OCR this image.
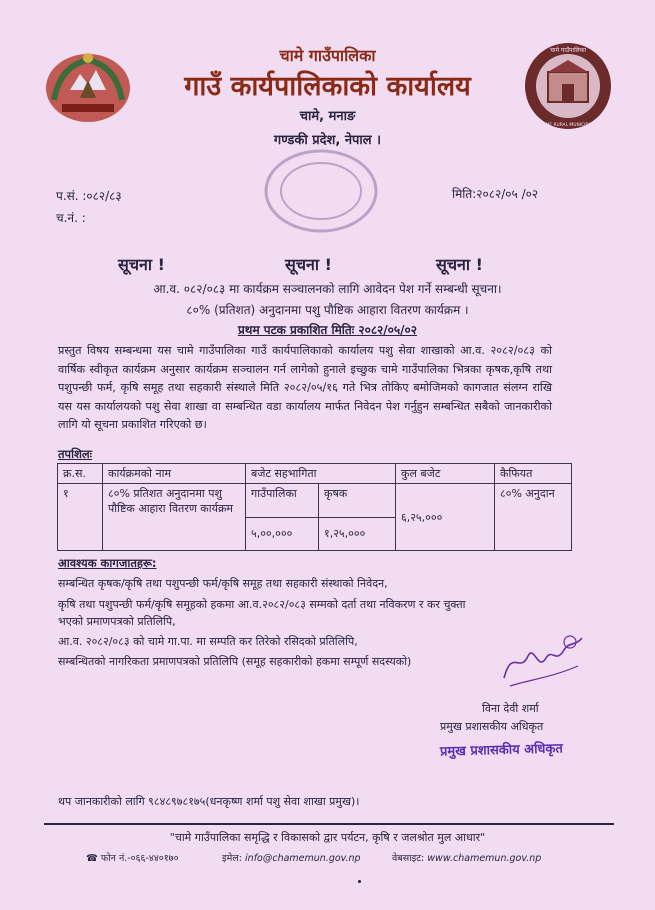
चामे गाउँपालिका
गाउँ कार्यपालिकाको कार्यालय
चामे, मनाङ
गण्डकी प्रदेश, नेपाल ।
चामे गाउँपालिका
CHAME RURAL MUNICIPALITY
प.सं. :०८२/८३
च.नं. :
मिति:२०८२/०५ /०२
सूचना !	सूचना !	सूचना !
आ.व. ०८२/०८३ मा कार्यक्रम सञ्चालनको लागि आवेदन पेश गर्ने सम्बन्धी सूचना।
८०% (प्रतिशत) अनुदानमा पशु पौष्टिक आहारा वितरण कार्यक्रम ।
प्रथम पटक प्रकाशित मितिः २०८२/०५/०२
प्रस्तुत विषय सम्बन्धमा यस चामे गाउँपालिका गाउँ कार्यपालिकाको कार्यालय पशु सेवा शाखाको आ.व. २०८२/०८३ को वार्षिक स्वीकृत कार्यक्रम अनुसार कार्यक्रम सञ्चालन गर्न लागेको हुनाले इच्छुक चामे गाउँपालिका भित्रका कृषक,कृषि तथा पशुपन्छी फर्म, कृषि समूह तथा सहकारी संस्थाले मिति २०८२/०५/१६ गते भित्र तोकिए बमोजिमको कागजात संलग्न राखि यस यस कार्यालयको पशु सेवा शाखा वा सम्बन्धित वडा कार्यालय मार्फत निवेदन पेश गर्नुहुन सम्बन्धित सबैको जानकारीको लागि यो सूचना प्रकाशित गरिएको छ।
तपशिलः
क्र.स.	कार्यक्रमको नाम	बजेट सहभागिता		कुल बजेट	कैफियत
१	८०% प्रतिशत अनुदानमा पशु पौष्टिक आहारा वितरण कार्यक्रम	गाउँपालिका	कृषक	६,२५,०००	८०% अनुदान
		५,००,०००	१,२५,०००		
आवश्यक कागजातहरू:
सम्बन्धित कृषक/कृषि तथा पशुपन्छी फर्म/कृषि समूह तथा सहकारी संस्थाको निवेदन,
कृषि तथा पशुपन्छी फर्म/कृषि समूहको हकमा आ.व.२०८२/०८३ सम्मको दर्ता तथा नविकरण र कर चुक्ता
भएको प्रमाणपत्रको प्रतिलिपि,
आ.व. २०८२/०८३ को चामे गा.पा. मा सम्पति कर तिरेको रसिदको प्रतिलिपि,
सम्बन्धितको नागरिकता प्रमाणपत्रको प्रतिलिपि (समूह सहकारीको हकमा सम्पूर्ण सदस्यको)
विना देवी शर्मा
प्रमुख प्रशासकीय अधिकृत
प्रमुख प्रशासकीय अधिकृत
थप जानकारीको लागि ९८४८९७८१७५(धनकृष्ण शर्मा पशु सेवा शाखा प्रमुख)।
"चामे गाउँपालिका समृद्धि र विकासको द्वार पर्यटन, कृषि र जलश्रोत मुल आधार"
☎ फोन नं.-०६६-४४०१७०	इमेल: info@chamemun.gov.np	वेबसाइट: www.chamemun.gov.np
